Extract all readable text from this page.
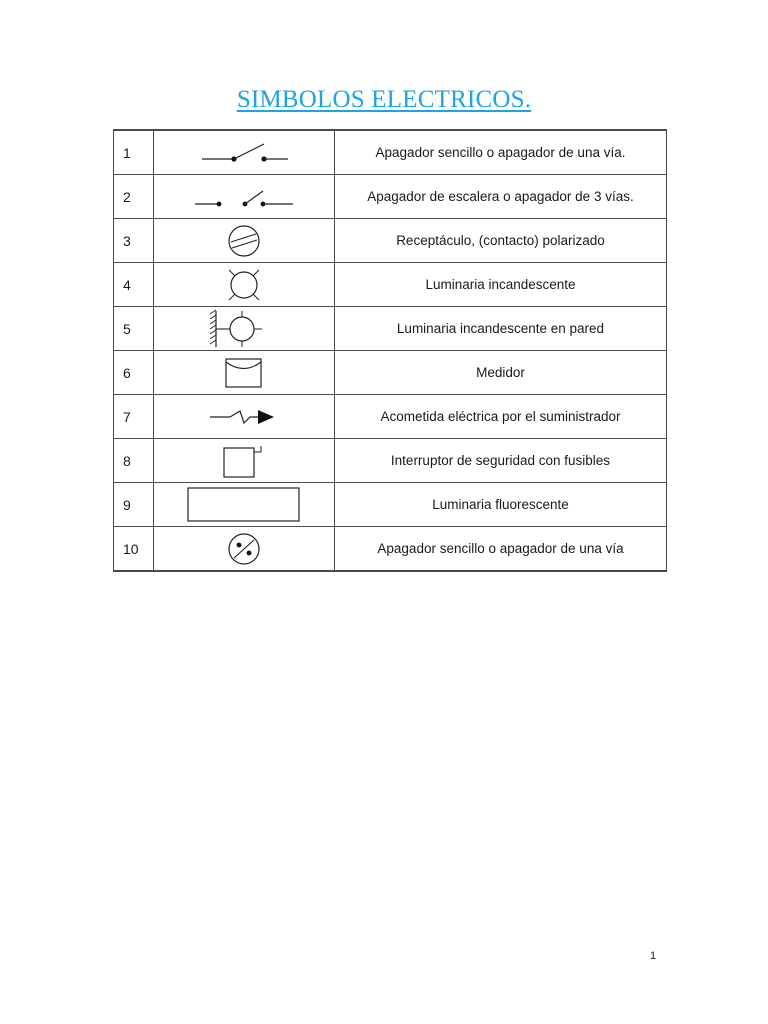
SIMBOLOS ELECTRICOS.
1		Apagador sencillo o apagador de una vía.
2		Apagador de escalera o apagador de 3 vías.
3		Receptáculo, (contacto) polarizado
4		Luminaria incandescente
5		Luminaria incandescente en pared
6		Medidor
7		Acometida eléctrica por el suministrador
8		Interruptor de seguridad con fusibles
9		Luminaria fluorescente
10		Apagador sencillo o apagador de una vía
1
